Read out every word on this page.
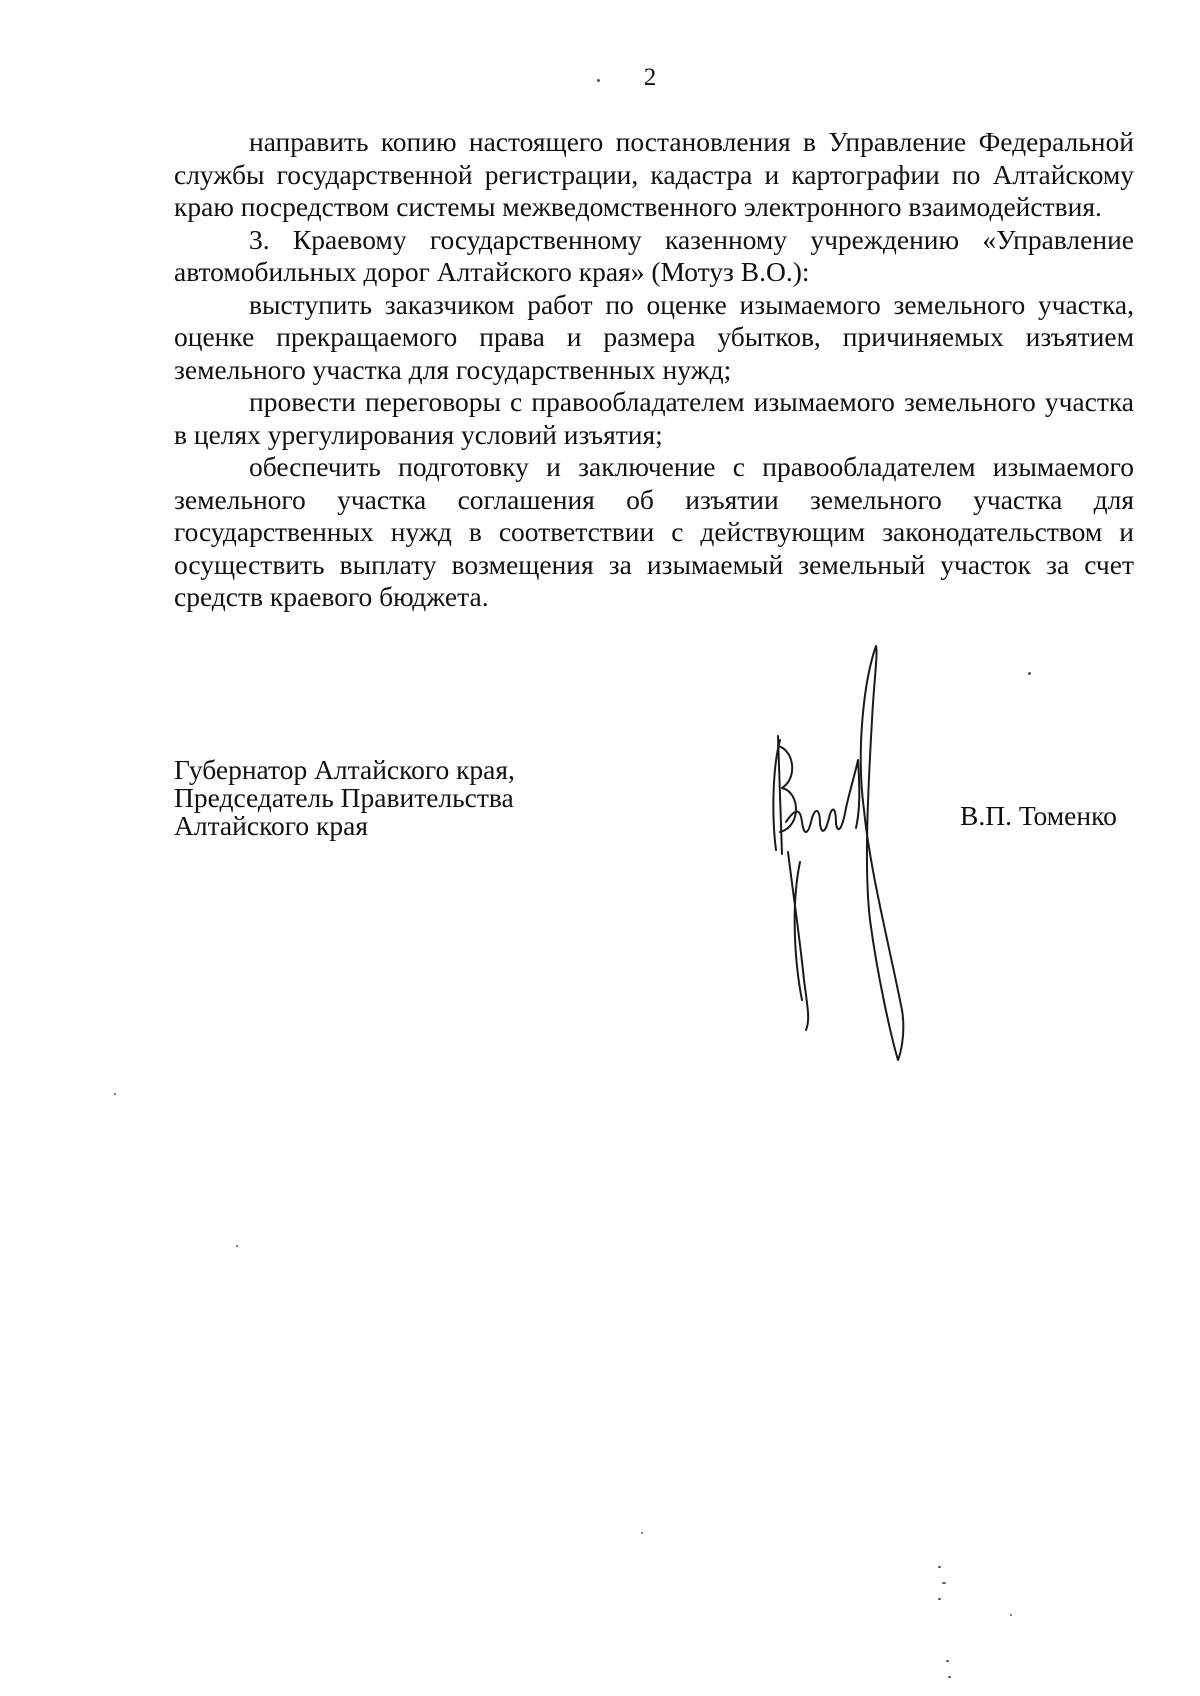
2

направить копию настоящего постановления в Управление Федеральной службы государственной регистрации, кадастра и картографии по Алтайскому краю посредством системы межведомственного электронного взаимодействия.

3. Краевому государственному казенному учреждению «Управление автомобильных дорог Алтайского края» (Мотуз В.О.):

выступить заказчиком работ по оценке изымаемого земельного участка, оценке прекращаемого права и размера убытков, причиняемых изъятием земельного участка для государственных нужд;

провести переговоры с правообладателем изымаемого земельного участка в целях урегулирования условий изъятия;

обеспечить подготовку и заключение с правообладателем изымаемого земельного участка соглашения об изъятии земельного участка для государственных нужд в соответствии с действующим законодательством и осуществить выплату возмещения за изымаемый земельный участок за счет средств краевого бюджета.

Губернатор Алтайского края,
Председатель Правительства
Алтайского края	В.П. Томенко
